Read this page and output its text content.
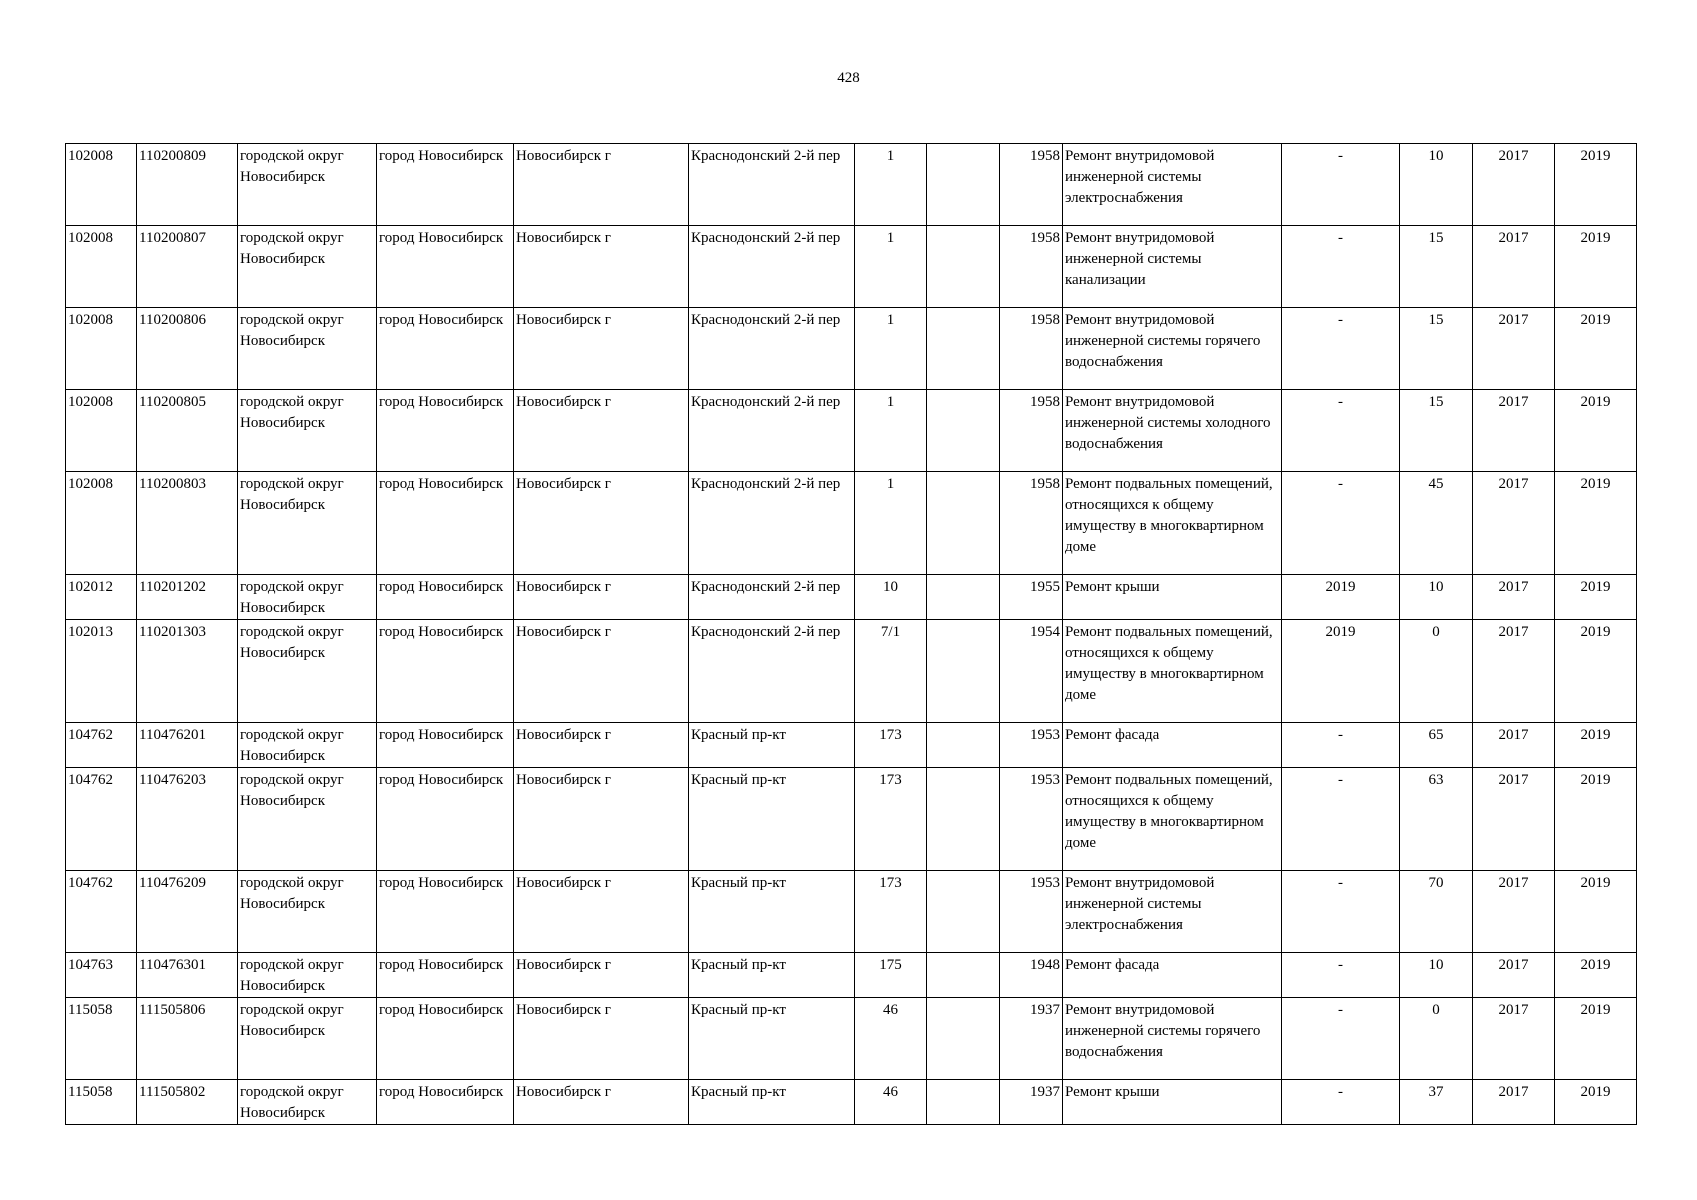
428
102008	110200809	городской округ Новосибирск	город Новосибирск	Новосибирск г	Краснодонский 2-й пер	1		1958	Ремонт внутридомовой инженерной системы электроснабжения	-	10	2017	2019
102008	110200807	городской округ Новосибирск	город Новосибирск	Новосибирск г	Краснодонский 2-й пер	1		1958	Ремонт внутридомовой инженерной системы канализации	-	15	2017	2019
102008	110200806	городской округ Новосибирск	город Новосибирск	Новосибирск г	Краснодонский 2-й пер	1		1958	Ремонт внутридомовой инженерной системы горячего водоснабжения	-	15	2017	2019
102008	110200805	городской округ Новосибирск	город Новосибирск	Новосибирск г	Краснодонский 2-й пер	1		1958	Ремонт внутридомовой инженерной системы холодного водоснабжения	-	15	2017	2019
102008	110200803	городской округ Новосибирск	город Новосибирск	Новосибирск г	Краснодонский 2-й пер	1		1958	Ремонт подвальных помещений, относящихся к общему имуществу в многоквартирном доме	-	45	2017	2019
102012	110201202	городской округ Новосибирск	город Новосибирск	Новосибирск г	Краснодонский 2-й пер	10		1955	Ремонт крыши	2019	10	2017	2019
102013	110201303	городской округ Новосибирск	город Новосибирск	Новосибирск г	Краснодонский 2-й пер	7/1		1954	Ремонт подвальных помещений, относящихся к общему имуществу в многоквартирном доме	2019	0	2017	2019
104762	110476201	городской округ Новосибирск	город Новосибирск	Новосибирск г	Красный пр-кт	173		1953	Ремонт фасада	-	65	2017	2019
104762	110476203	городской округ Новосибирск	город Новосибирск	Новосибирск г	Красный пр-кт	173		1953	Ремонт подвальных помещений, относящихся к общему имуществу в многоквартирном доме	-	63	2017	2019
104762	110476209	городской округ Новосибирск	город Новосибирск	Новосибирск г	Красный пр-кт	173		1953	Ремонт внутридомовой инженерной системы электроснабжения	-	70	2017	2019
104763	110476301	городской округ Новосибирск	город Новосибирск	Новосибирск г	Красный пр-кт	175		1948	Ремонт фасада	-	10	2017	2019
115058	111505806	городской округ Новосибирск	город Новосибирск	Новосибирск г	Красный пр-кт	46		1937	Ремонт внутридомовой инженерной системы горячего водоснабжения	-	0	2017	2019
115058	111505802	городской округ Новосибирск	город Новосибирск	Новосибирск г	Красный пр-кт	46		1937	Ремонт крыши	-	37	2017	2019
